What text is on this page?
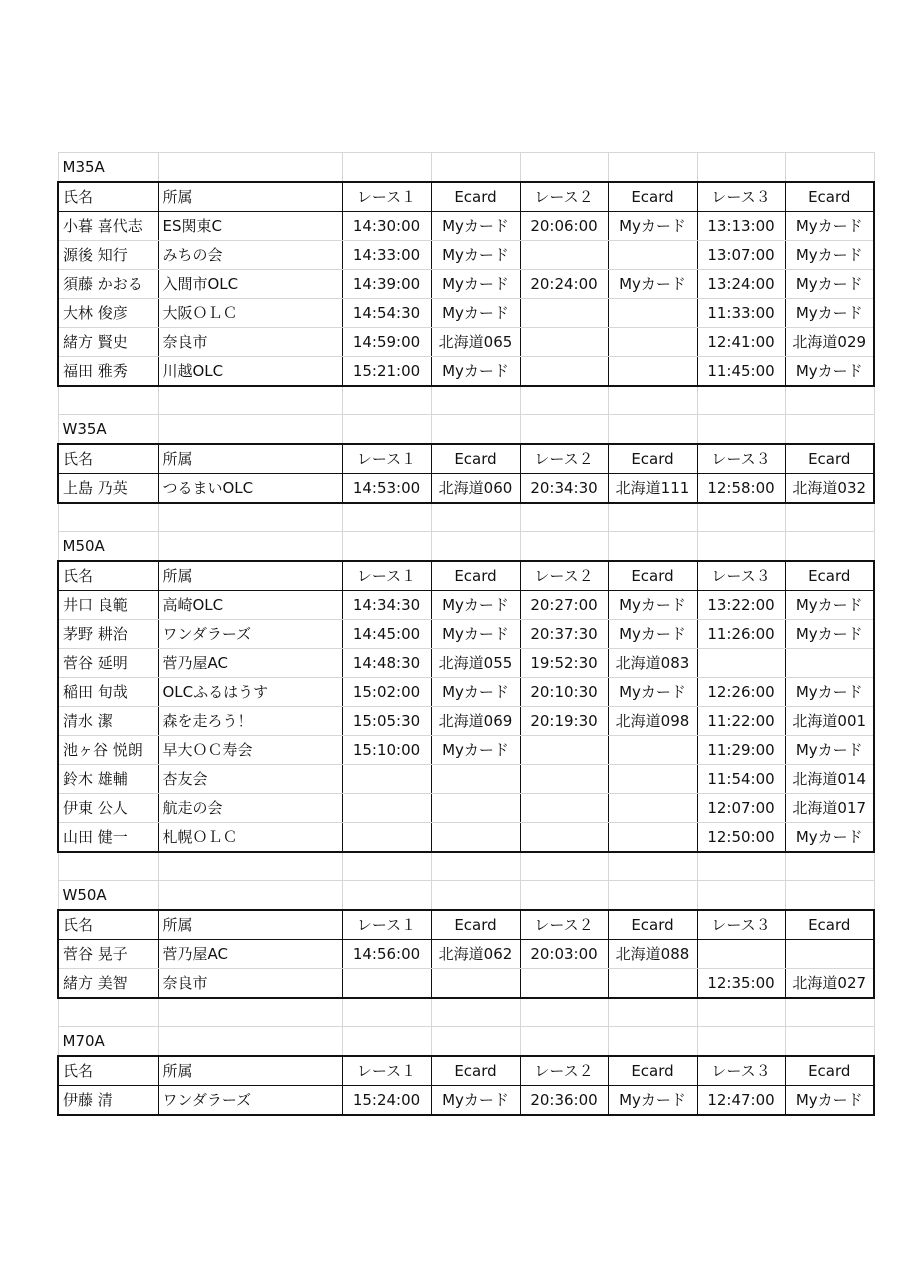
M35A							
氏名	所属	レース１	Ecard	レース２	Ecard	レース３	Ecard
小暮 喜代志	ES関東C	14:30:00	Myカード	20:06:00	Myカード	13:13:00	Myカード
源後 知行	みちの会	14:33:00	Myカード			13:07:00	Myカード
須藤 かおる	入間市OLC	14:39:00	Myカード	20:24:00	Myカード	13:24:00	Myカード
大林 俊彦	大阪ＯＬＣ	14:54:30	Myカード			11:33:00	Myカード
緒方 賢史	奈良市	14:59:00	北海道065			12:41:00	北海道029
福田 雅秀	川越OLC	15:21:00	Myカード			11:45:00	Myカード

W35A							
氏名	所属	レース１	Ecard	レース２	Ecard	レース３	Ecard
上島 乃英	つるまいOLC	14:53:00	北海道060	20:34:30	北海道111	12:58:00	北海道032

M50A							
氏名	所属	レース１	Ecard	レース２	Ecard	レース３	Ecard
井口 良範	高崎OLC	14:34:30	Myカード	20:27:00	Myカード	13:22:00	Myカード
茅野 耕治	ワンダラーズ	14:45:00	Myカード	20:37:30	Myカード	11:26:00	Myカード
菅谷 延明	菅乃屋AC	14:48:30	北海道055	19:52:30	北海道083		
稲田 旬哉	OLCふるはうす	15:02:00	Myカード	20:10:30	Myカード	12:26:00	Myカード
清水 潔	森を走ろう！	15:05:30	北海道069	20:19:30	北海道098	11:22:00	北海道001
池ヶ谷 悦朗	早大ＯＣ寿会	15:10:00	Myカード			11:29:00	Myカード
鈴木 雄輔	杏友会					11:54:00	北海道014
伊東 公人	航走の会					12:07:00	北海道017
山田 健一	札幌ＯＬＣ					12:50:00	Myカード

W50A							
氏名	所属	レース１	Ecard	レース２	Ecard	レース３	Ecard
菅谷 晃子	菅乃屋AC	14:56:00	北海道062	20:03:00	北海道088		
緒方 美智	奈良市					12:35:00	北海道027

M70A							
氏名	所属	レース１	Ecard	レース２	Ecard	レース３	Ecard
伊藤 清	ワンダラーズ	15:24:00	Myカード	20:36:00	Myカード	12:47:00	Myカード
